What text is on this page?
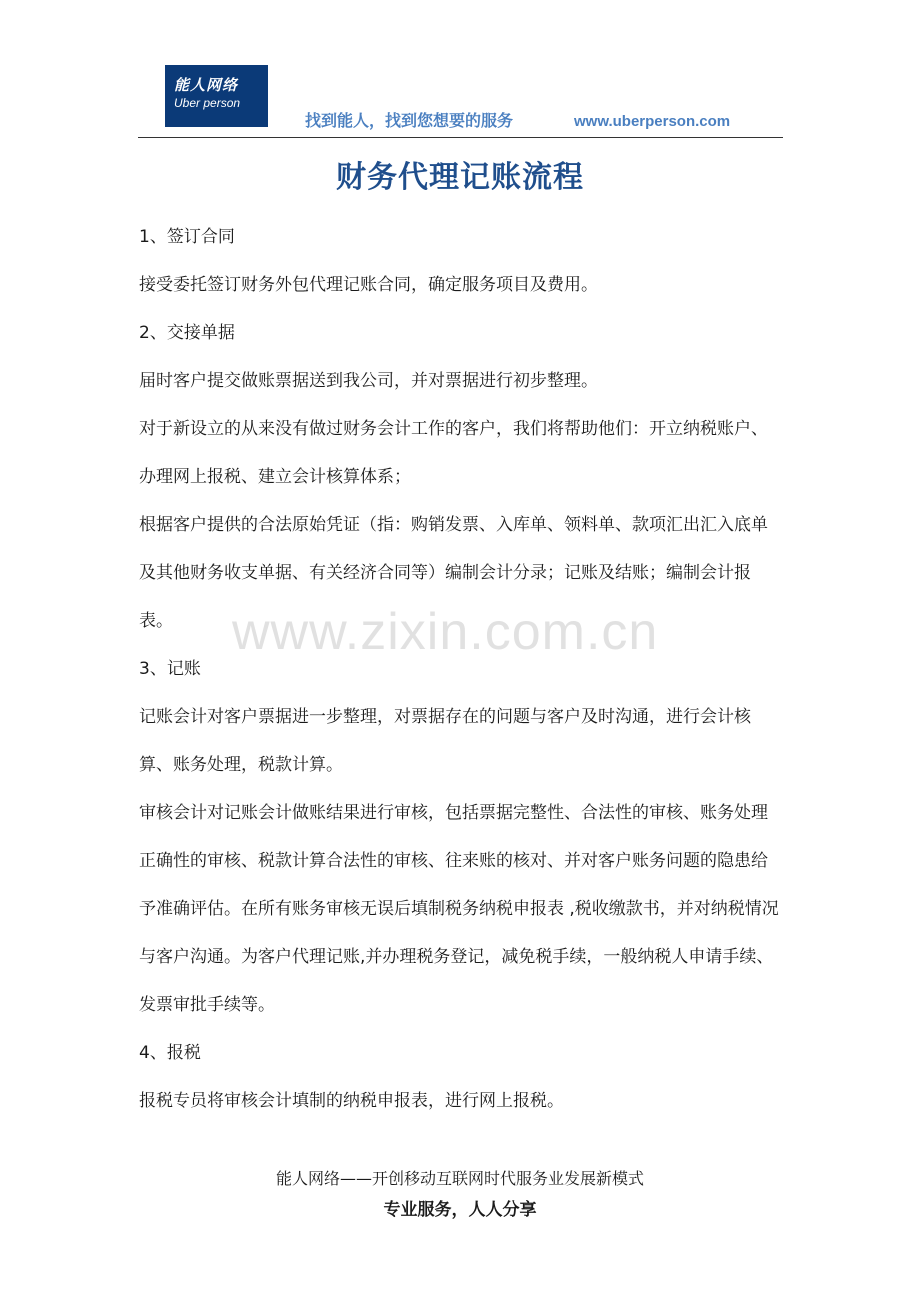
能人网络
Uber person
找到能人，找到您想要的服务	www.uberperson.com
财务代理记账流程
1、签订合同

接受委托签订财务外包代理记账合同，确定服务项目及费用。

2、交接单据

届时客户提交做账票据送到我公司，并对票据进行初步整理。

对于新设立的从来没有做过财务会计工作的客户，我们将帮助他们：开立纳税账户、办理网上报税、建立会计核算体系；

根据客户提供的合法原始凭证（指：购销发票、入库单、领料单、款项汇出汇入底单及其他财务收支单据、有关经济合同等）编制会计分录；记账及结账；编制会计报表。

3、记账

记账会计对客户票据进一步整理，对票据存在的问题与客户及时沟通，进行会计核算、账务处理，税款计算。

审核会计对记账会计做账结果进行审核，包括票据完整性、合法性的审核、账务处理正确性的审核、税款计算合法性的审核、往来账的核对、并对客户账务问题的隐患给予准确评估。在所有账务审核无误后填制税务纳税申报表 ,税收缴款书，并对纳税情况与客户沟通。为客户代理记账,并办理税务登记，减免税手续，一般纳税人申请手续、发票审批手续等。

4、报税

报税专员将审核会计填制的纳税申报表，进行网上报税。

www.zixin.com.cn
能人网络——开创移动互联网时代服务业发展新模式
专业服务，人人分享
